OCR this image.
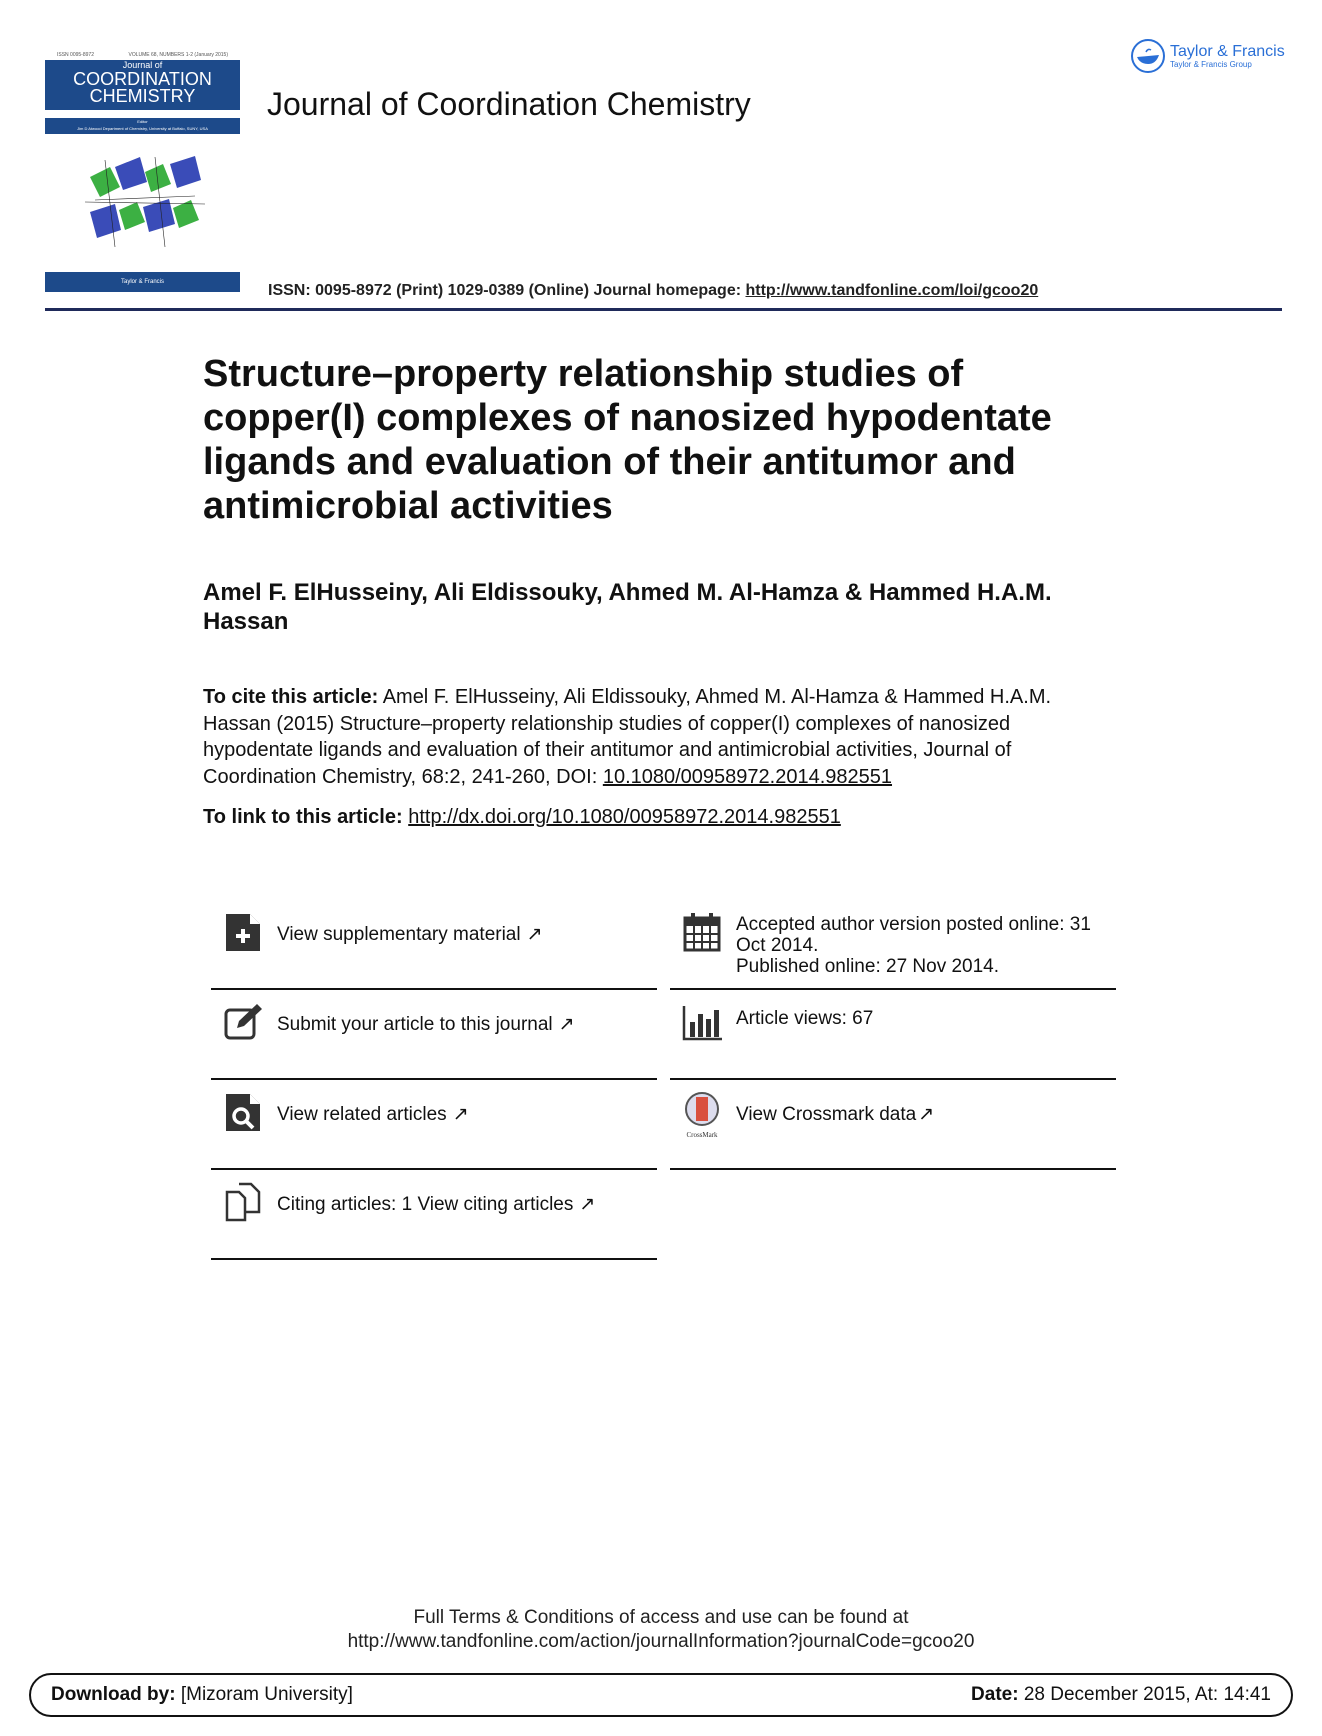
ISSN 0095-8972	VOLUME 68, NUMBERS 1-2 (January 2015)
Journal of
COORDINATION
CHEMISTRY
Editor
Jim D Atwood Department of Chemistry, University at Buffalo, SUNY, USA
Taylor & Francis
Journal of Coordination Chemistry
Taylor & Francis
Taylor & Francis Group
ISSN: 0095-8972 (Print) 1029-0389 (Online) Journal homepage: http://www.tandfonline.com/loi/gcoo20
Structure–property relationship studies of
copper(I) complexes of nanosized hypodentate
ligands and evaluation of their antitumor and
antimicrobial activities
Amel F. ElHusseiny, Ali Eldissouky, Ahmed M. Al-Hamza & Hammed H.A.M. Hassan
To cite this article: Amel F. ElHusseiny, Ali Eldissouky, Ahmed M. Al-Hamza & Hammed H.A.M. Hassan (2015) Structure–property relationship studies of copper(I) complexes of nanosized hypodentate ligands and evaluation of their antitumor and antimicrobial activities, Journal of Coordination Chemistry, 68:2, 241-260, DOI: 10.1080/00958972.2014.982551
To link to this article: http://dx.doi.org/10.1080/00958972.2014.982551
View supplementary material ↗	Accepted author version posted online: 31 Oct 2014.
Published online: 27 Nov 2014.
Submit your article to this journal ↗	Article views: 67
View related articles ↗
CrossMark
View Crossmark data ↗
Citing articles: 1 View citing articles ↗
Full Terms & Conditions of access and use can be found at
http://www.tandfonline.com/action/journalInformation?journalCode=gcoo20
Download by: [Mizoram University]	Date: 28 December 2015, At: 14:41
